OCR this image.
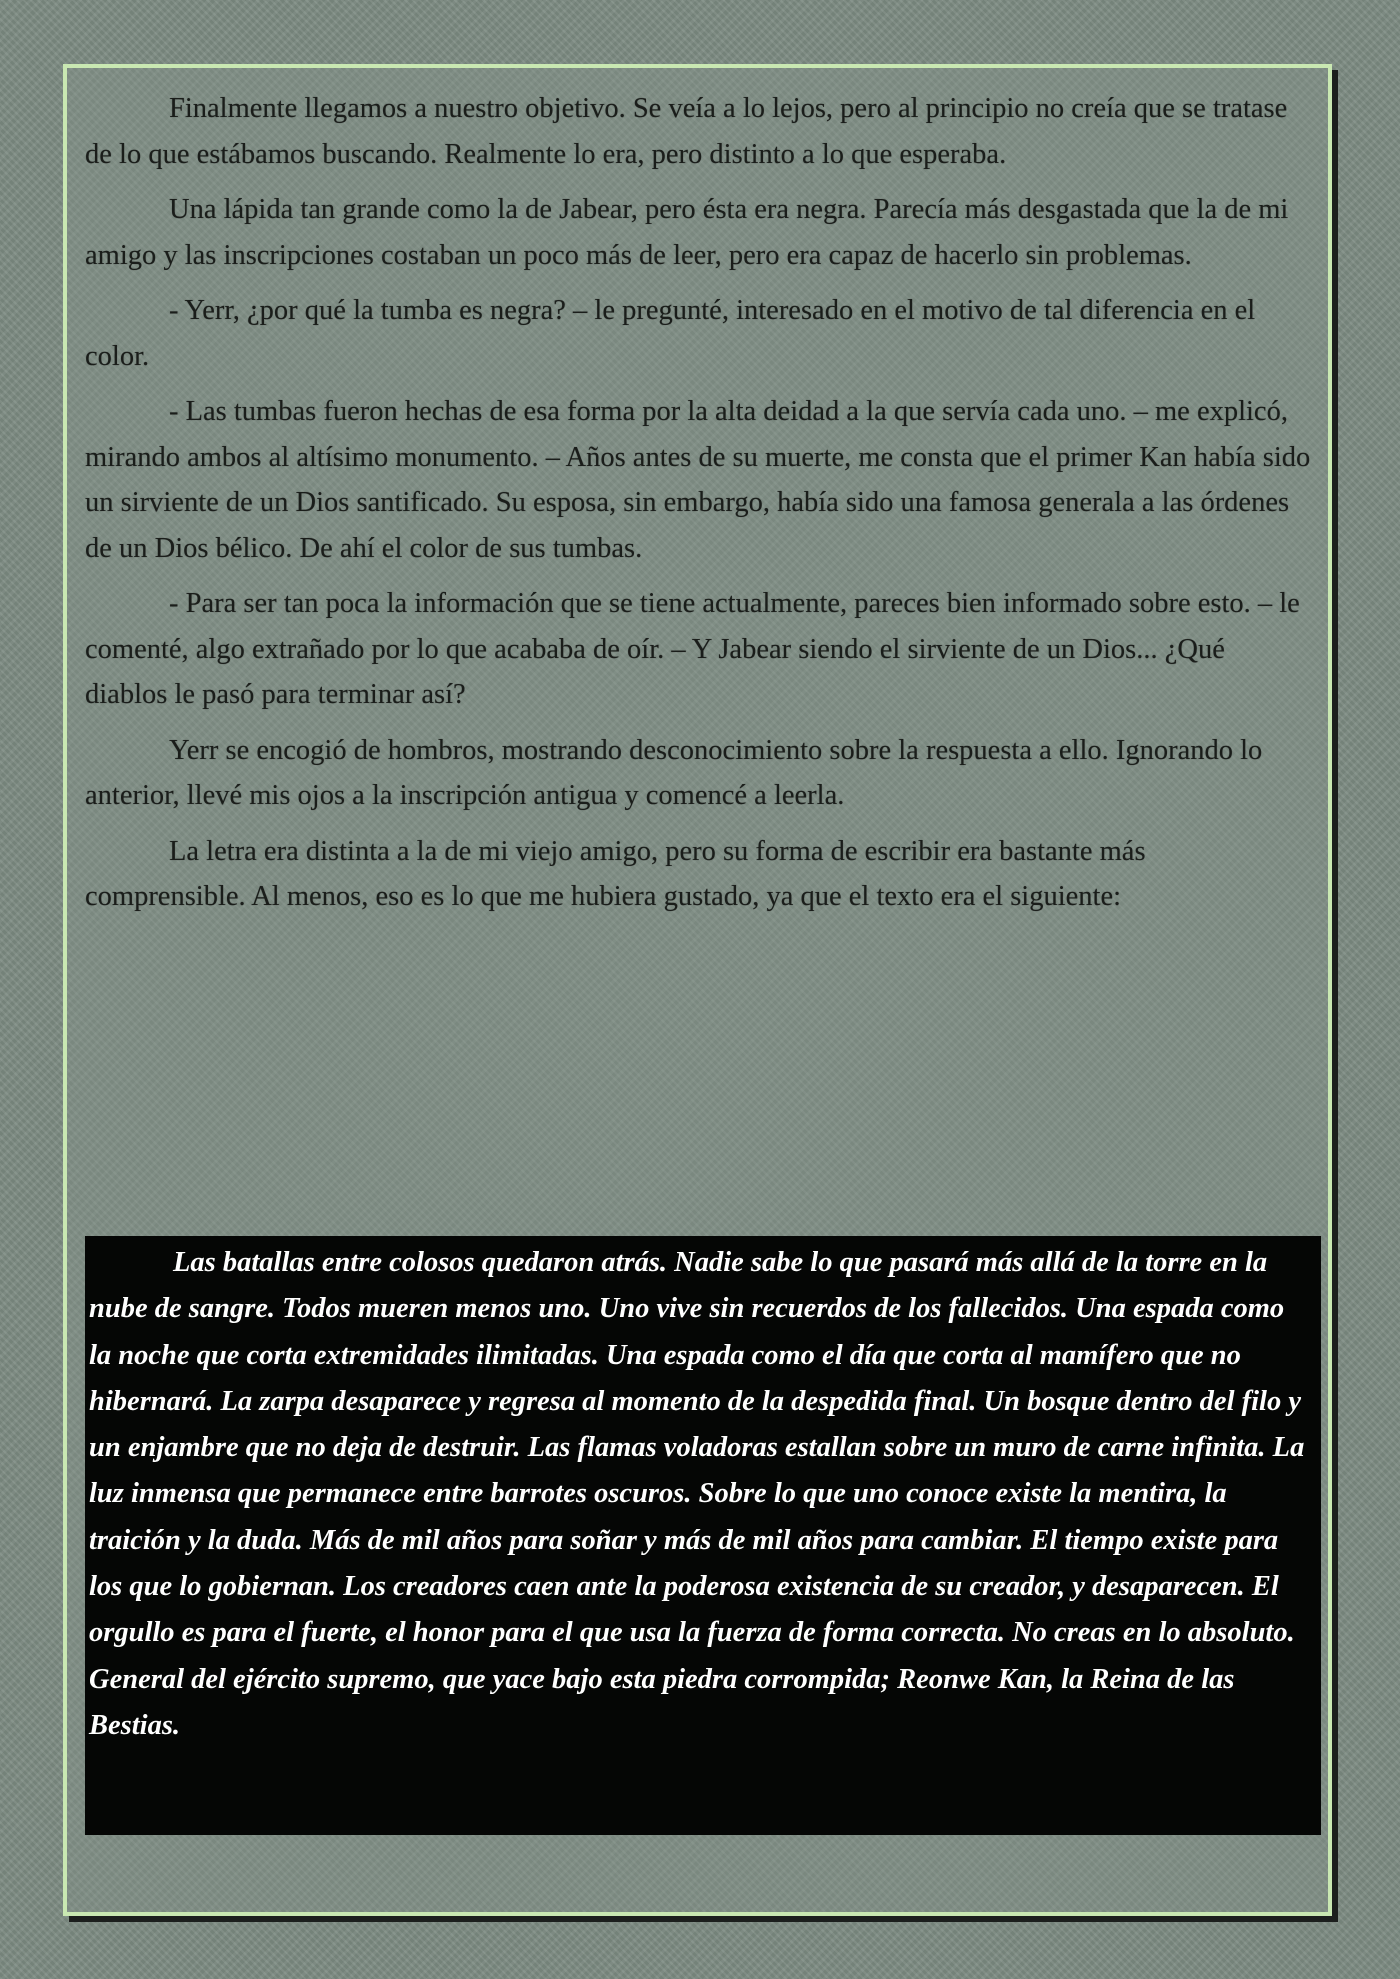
Finalmente llegamos a nuestro objetivo. Se veía a lo lejos, pero al principio no creía que se tratase de lo que estábamos buscando. Realmente lo era, pero distinto a lo que esperaba.

Una lápida tan grande como la de Jabear, pero ésta era negra. Parecía más desgastada que la de mi amigo y las inscripciones costaban un poco más de leer, pero era capaz de hacerlo sin problemas.

- Yerr, ¿por qué la tumba es negra? – le pregunté, interesado en el motivo de tal diferencia en el color.

- Las tumbas fueron hechas de esa forma por la alta deidad a la que servía cada uno. – me explicó, mirando ambos al altísimo monumento. – Años antes de su muerte, me consta que el primer Kan había sido un sirviente de un Dios santificado. Su esposa, sin embargo, había sido una famosa generala a las órdenes de un Dios bélico. De ahí el color de sus tumbas.

- Para ser tan poca la información que se tiene actualmente, pareces bien informado sobre esto. – le comenté, algo extrañado por lo que acababa de oír. – Y Jabear siendo el sirviente de un Dios... ¿Qué diablos le pasó para terminar así?

Yerr se encogió de hombros, mostrando desconocimiento sobre la respuesta a ello. Ignorando lo anterior, llevé mis ojos a la inscripción antigua y comencé a leerla.

La letra era distinta a la de mi viejo amigo, pero su forma de escribir era bastante más comprensible. Al menos, eso es lo que me hubiera gustado, ya que el texto era el siguiente:

Las batallas entre colosos quedaron atrás. Nadie sabe lo que pasará más allá de la torre en la nube de sangre. Todos mueren menos uno. Uno vive sin recuerdos de los fallecidos. Una espada como la noche que corta extremidades ilimitadas. Una espada como el día que corta al mamífero que no hibernará. La zarpa desaparece y regresa al momento de la despedida final. Un bosque dentro del filo y un enjambre que no deja de destruir. Las flamas voladoras estallan sobre un muro de carne infinita. La luz inmensa que permanece entre barrotes oscuros. Sobre lo que uno conoce existe la mentira, la traición y la duda. Más de mil años para soñar y más de mil años para cambiar. El tiempo existe para los que lo gobiernan. Los creadores caen ante la poderosa existencia de su creador, y desaparecen. El orgullo es para el fuerte, el honor para el que usa la fuerza de forma correcta. No creas en lo absoluto. General del ejército supremo, que yace bajo esta piedra corrompida; Reonwe Kan, la Reina de las Bestias.
